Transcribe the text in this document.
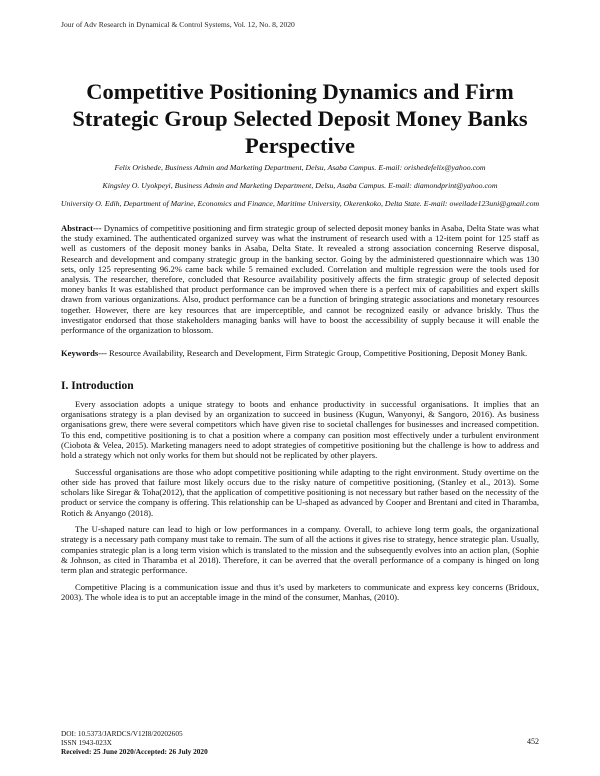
Jour of Adv Research in Dynamical & Control Systems, Vol. 12, No. 8, 2020
Competitive Positioning Dynamics and Firm Strategic Group Selected Deposit Money Banks Perspective

Felix Orishede, Business Admin and Marketing Department, Delsu, Asaba Campus. E-mail: orishedefelix@yahoo.com

Kingsley O. Uyokpeyi, Business Admin and Marketing Department, Delsu, Asaba Campus. E-mail: diamondprint@yahoo.com

University O. Edih, Department of Marine, Economics and Finance, Maritime University, Okerenkoko, Delta State. E-mail: oweilade123uni@gmail.com

Abstract--- Dynamics of competitive positioning and firm strategic group of selected deposit money banks in Asaba, Delta State was what the study examined. The authenticated organized survey was what the instrument of research used with a 12-item point for 125 staff as well as customers of the deposit money banks in Asaba, Delta State. It revealed a strong association concerning Reserve disposal, Research and development and company strategic group in the banking sector. Going by the administered questionnaire which was 130 sets, only 125 representing 96.2% came back while 5 remained excluded. Correlation and multiple regression were the tools used for analysis. The researcher, therefore, concluded that Resource availability positively affects the firm strategic group of selected deposit money banks It was established that product performance can be improved when there is a perfect mix of capabilities and expert skills drawn from various organizations. Also, product performance can be a function of bringing strategic associations and monetary resources together. However, there are key resources that are imperceptible, and cannot be recognized easily or advance briskly. Thus the investigator endorsed that those stakeholders managing banks will have to boost the accessibility of supply because it will enable the performance of the organization to blossom.

Keywords--- Resource Availability, Research and Development, Firm Strategic Group, Competitive Positioning, Deposit Money Bank.

I. Introduction

Every association adopts a unique strategy to boots and enhance productivity in successful organisations. It implies that an organisations strategy is a plan devised by an organization to succeed in business (Kugun, Wanyonyi, & Sangoro, 2016). As business organisations grew, there were several competitors which have given rise to societal challenges for businesses and increased competition. To this end, competitive positioning is to chat a position where a company can position most effectively under a turbulent environment (Ciobota & Velea, 2015). Marketing managers need to adopt strategies of competitive positioning but the challenge is how to address and hold a strategy which not only works for them but should not be replicated by other players.

Successful organisations are those who adopt competitive positioning while adapting to the right environment. Study overtime on the other side has proved that failure most likely occurs due to the risky nature of competitive positioning, (Stanley et al., 2013). Some scholars like Siregar & Toha(2012), that the application of competitive positioning is not necessary but rather based on the necessity of the product or service the company is offering. This relationship can be U-shaped as advanced by Cooper and Brentani and cited in Tharamba, Rotich & Anyango (2018).

The U-shaped nature can lead to high or low performances in a company. Overall, to achieve long term goals, the organizational strategy is a necessary path company must take to remain. The sum of all the actions it gives rise to strategy, hence strategic plan. Usually, companies strategic plan is a long term vision which is translated to the mission and the subsequently evolves into an action plan, (Sophie & Johnson, as cited in Tharamba et al 2018). Therefore, it can be averred that the overall performance of a company is hinged on long term plan and strategic performance.

Competitive Placing is a communication issue and thus it’s used by marketers to communicate and express key concerns (Bridoux, 2003). The whole idea is to put an acceptable image in the mind of the consumer, Manhas, (2010).

DOI: 10.5373/JARDCS/V12I8/20202605
ISSN 1943-023X
Received: 25 June 2020/Accepted: 26 July 2020
452
